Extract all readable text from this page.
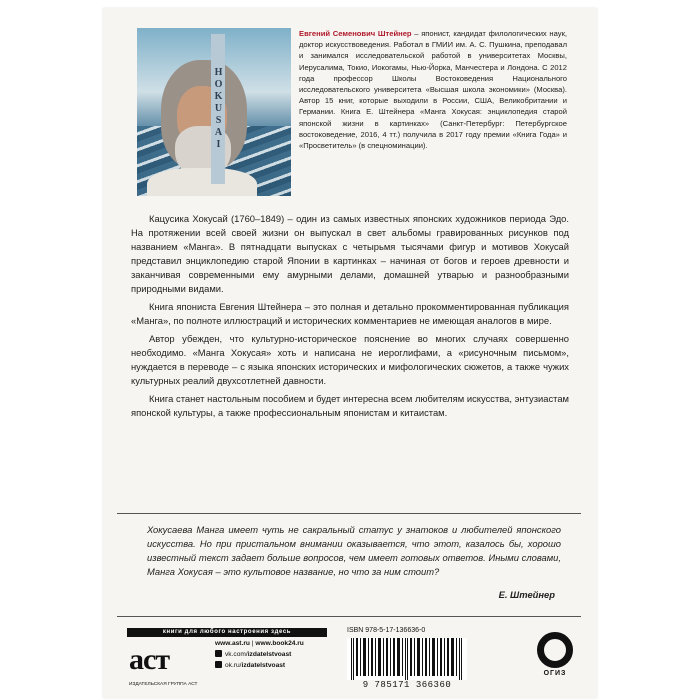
HOKUSAI
Евгений Семенович Штейнер – японист, кандидат филологических наук, доктор искусствоведения. Работал в ГМИИ им. А. С. Пушкина, преподавал и занимался исследовательской работой в университетах Москвы, Иерусалима, Токио, Иокогамы, Нью-Йорка, Манчестера и Лондона. С 2012 года профессор Школы Востоковедения Национального исследовательского университета «Высшая школа экономики» (Москва). Автор 15 книг, которые выходили в России, США, Великобритании и Германии. Книга Е. Штейнера «Манга Хокусая: энциклопедия старой японской жизни в картинках» (Санкт-Петербург: Петербургское востоковедение, 2016, 4 тт.) получила в 2017 году премии «Книга Года» и «Просветитель» (в спецноминации).

Кацусика Хокусай (1760–1849) – один из самых известных японских художников периода Эдо. На протяжении всей своей жизни он выпускал в свет альбомы гравированных рисунков под названием «Манга». В пятнадцати выпусках с четырьмя тысячами фигур и мотивов Хокусай представил энциклопедию старой Японии в картинках – начиная от богов и героев древности и заканчивая современными ему амурными делами, домашней утварью и разнообразными природными видами.

Книга япониста Евгения Штейнера – это полная и детально прокомментированная публикация «Манга», по полноте иллюстраций и исторических комментариев не имеющая аналогов в мире.

Автор убежден, что культурно-историческое пояснение во многих случаях совершенно необходимо. «Манга Хокусая» хоть и написана не иероглифами, а «рисуночным письмом», нуждается в переводе – с языка японских исторических и мифологических сюжетов, а также чужих культурных реалий двухсотлетней давности.

Книга станет настольным пособием и будет интересна всем любителям искусства, энтузиастам японской культуры, а также профессиональным японистам и китаистам.

Хокусаева Манга имеет чуть не сакральный статус у знатоков и любителей японского искусства. Но при пристальном внимании оказывается, что этот, казалось бы, хорошо известный текст задает больше вопросов, чем имеет готовых ответов. Иными словами, Манга Хокусая – это культовое название, но что за ним стоит?
Е. Штейнер
книги для любого настроения здесь
аст
ИЗДАТЕЛЬСКАЯ ГРУППА АСТ
www.ast.ru | www.book24.ru
vk.com/izdatelstvoast
ok.ru/izdatelstvoast
ISBN 978-5-17-136636-0
9 785171 366360
ОГИЗ
